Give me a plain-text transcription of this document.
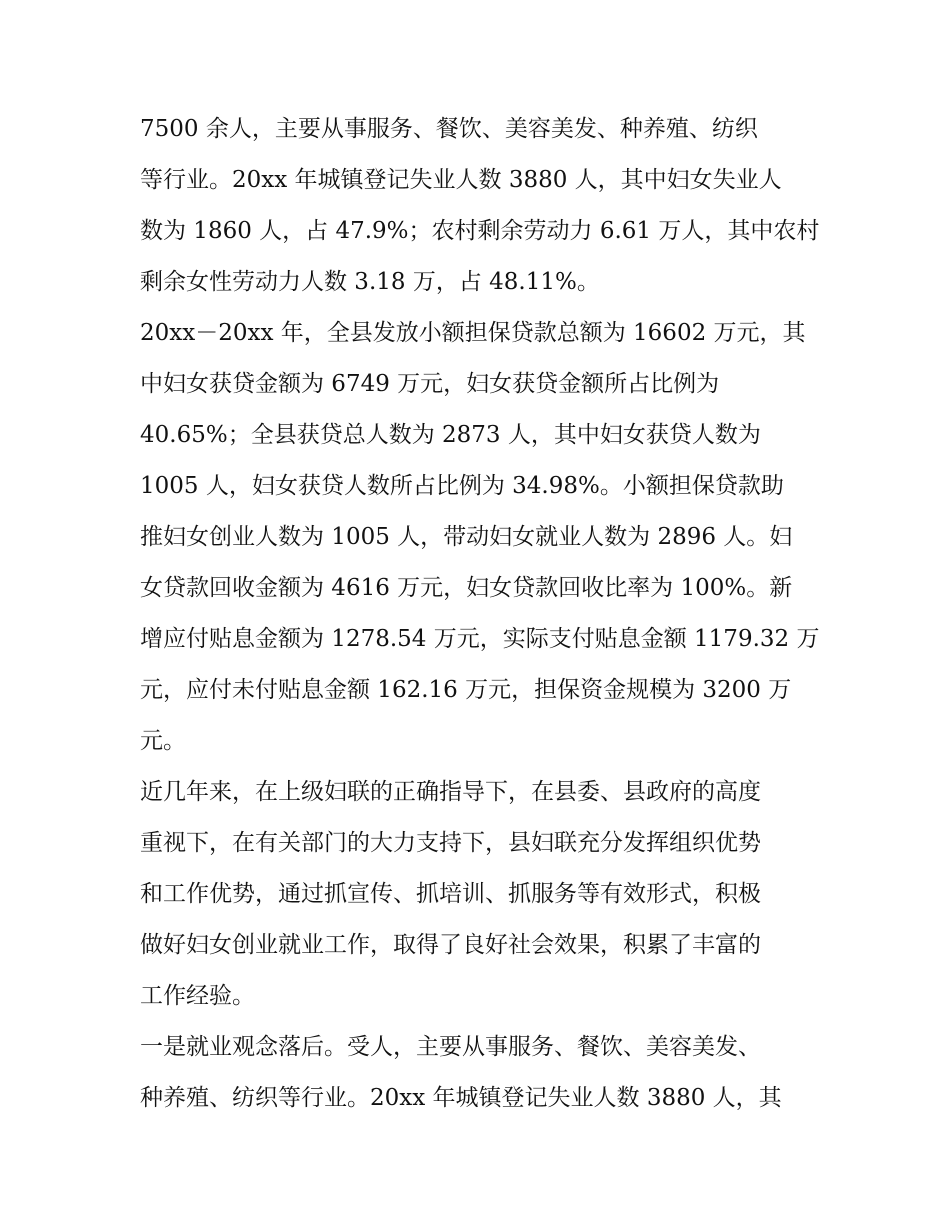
7500 余人，主要从事服务、餐饮、美容美发、种养殖、纺织
等行业。20xx 年城镇登记失业人数 3880 人，其中妇女失业人
数为 1860 人，占 47.9%；农村剩余劳动力 6.61 万人，其中农村
剩余女性劳动力人数 3.18 万，占 48.11%。
20xx－20xx 年，全县发放小额担保贷款总额为 16602 万元，其
中妇女获贷金额为 6749 万元，妇女获贷金额所占比例为
40.65%；全县获贷总人数为 2873 人，其中妇女获贷人数为
1005 人，妇女获贷人数所占比例为 34.98%。小额担保贷款助
推妇女创业人数为 1005 人，带动妇女就业人数为 2896 人。妇
女贷款回收金额为 4616 万元，妇女贷款回收比率为 100%。新
增应付贴息金额为 1278.54 万元，实际支付贴息金额 1179.32 万
元，应付未付贴息金额 162.16 万元，担保资金规模为 3200 万
元。
近几年来，在上级妇联的正确指导下，在县委、县政府的高度
重视下，在有关部门的大力支持下，县妇联充分发挥组织优势
和工作优势，通过抓宣传、抓培训、抓服务等有效形式，积极
做好妇女创业就业工作，取得了良好社会效果，积累了丰富的
工作经验。
一是就业观念落后。受人，主要从事服务、餐饮、美容美发、
种养殖、纺织等行业。20xx 年城镇登记失业人数 3880 人，其
